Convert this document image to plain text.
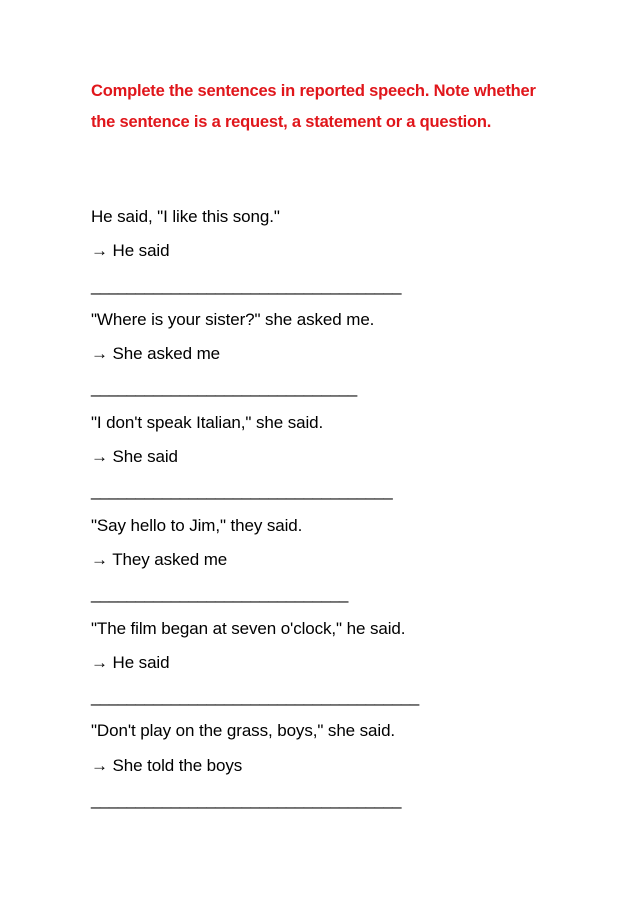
Complete the sentences in reported speech. Note whether the sentence is a request, a statement or a question.

He said, "I like this song."
→ He said
___________________________________
"Where is your sister?" she asked me.
→ She asked me
______________________________
"I don't speak Italian," she said.
→ She said
__________________________________
"Say hello to Jim," they said.
→ They asked me
_____________________________
"The film began at seven o'clock," he said.
→ He said
_____________________________________
"Don't play on the grass, boys," she said.
→ She told the boys
___________________________________
